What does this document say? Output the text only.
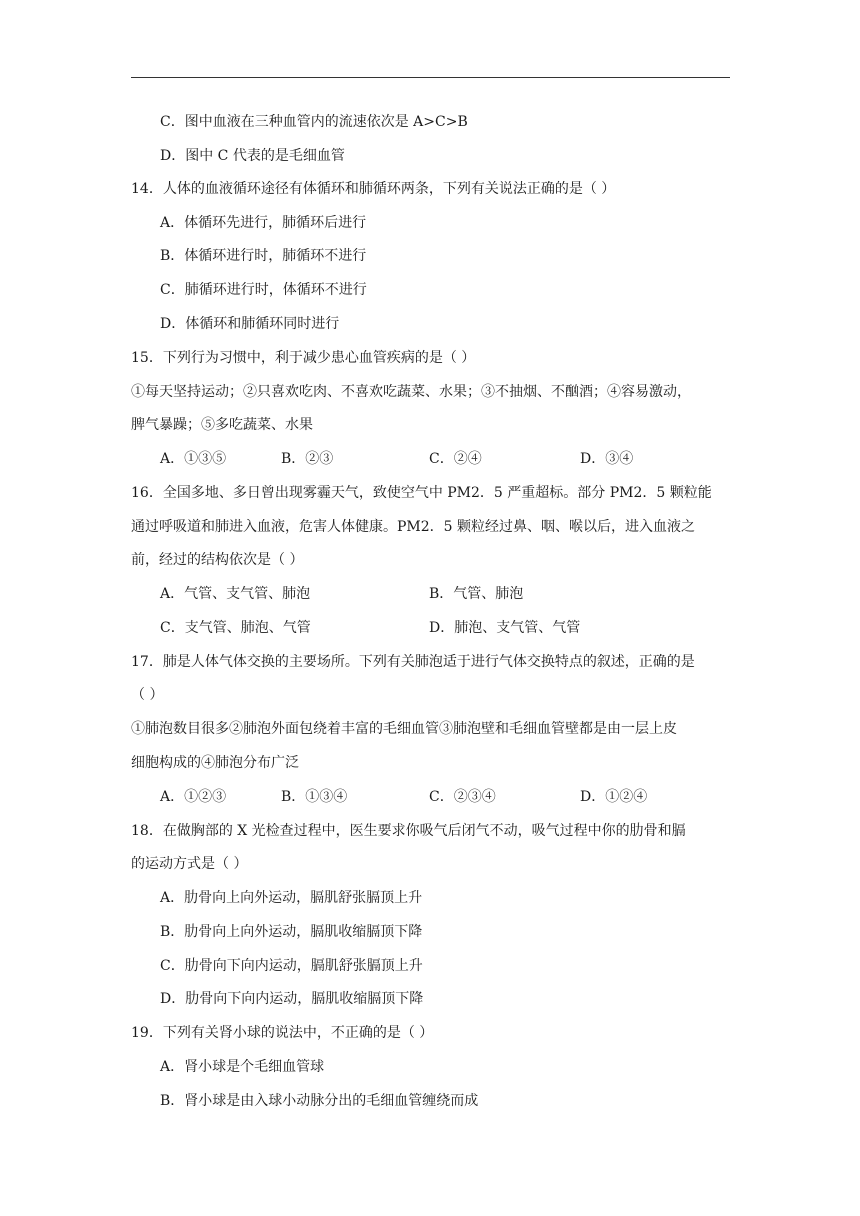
C．图中血液在三种血管内的流速依次是 A>C>B
D．图中 C 代表的是毛细血管
14．人体的血液循环途径有体循环和肺循环两条，下列有关说法正确的是（ ）
A．体循环先进行，肺循环后进行
B．体循环进行时，肺循环不进行
C．肺循环进行时，体循环不进行
D．体循环和肺循环同时进行
15．下列行为习惯中，利于减少患心血管疾病的是（ ）
①每天坚持运动；②只喜欢吃肉、不喜欢吃蔬菜、水果；③不抽烟、不酗酒；④容易激动，
脾气暴躁；⑤多吃蔬菜、水果
A．①③⑤	B．②③	C．②④	D．③④
16．全国多地、多日曾出现雾霾天气，致使空气中 PM2．5 严重超标。部分 PM2．5 颗粒能
通过呼吸道和肺进入血液，危害人体健康。PM2．5 颗粒经过鼻、咽、喉以后，进入血液之
前，经过的结构依次是（ ）
A．气管、支气管、肺泡	B．气管、肺泡
C．支气管、肺泡、气管	D．肺泡、支气管、气管
17．肺是人体气体交换的主要场所。下列有关肺泡适于进行气体交换特点的叙述，正确的是
（ ）
①肺泡数目很多②肺泡外面包绕着丰富的毛细血管③肺泡壁和毛细血管壁都是由一层上皮
细胞构成的④肺泡分布广泛
A．①②③	B．①③④	C．②③④	D．①②④
18．在做胸部的 X 光检查过程中，医生要求你吸气后闭气不动，吸气过程中你的肋骨和膈
的运动方式是（ ）
A．肋骨向上向外运动，膈肌舒张膈顶上升
B．肋骨向上向外运动，膈肌收缩膈顶下降
C．肋骨向下向内运动，膈肌舒张膈顶上升
D．肋骨向下向内运动，膈肌收缩膈顶下降
19．下列有关肾小球的说法中，不正确的是（ ）
A．肾小球是个毛细血管球
B．肾小球是由入球小动脉分出的毛细血管缠绕而成
